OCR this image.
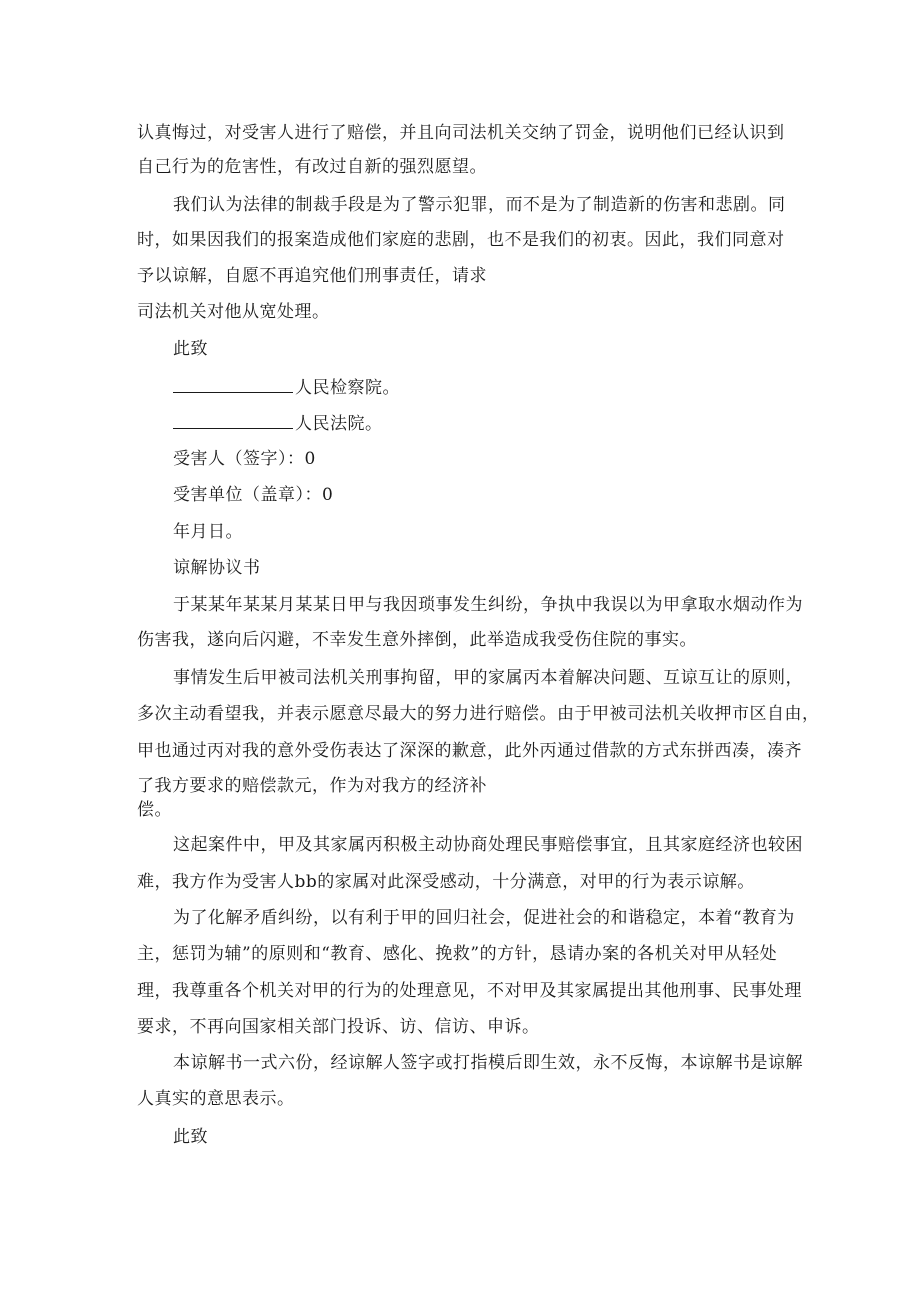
认真悔过，对受害人进行了赔偿，并且向司法机关交纳了罚金，说明他们已经认识到
自己行为的危害性，有改过自新的强烈愿望。
我们认为法律的制裁手段是为了警示犯罪，而不是为了制造新的伤害和悲剧。同
时，如果因我们的报案造成他们家庭的悲剧，也不是我们的初衷。因此，我们同意对
予以谅解，自愿不再追究他们刑事责任，请求
司法机关对他从宽处理。
此致
人民检察院。
人民法院。
受害人（签字）：0
受害单位（盖章）：0
年月日。
谅解协议书
于某某年某某月某某日甲与我因琐事发生纠纷，争执中我误以为甲拿取水烟动作为
伤害我，遂向后闪避，不幸发生意外摔倒，此举造成我受伤住院的事实。
事情发生后甲被司法机关刑事拘留，甲的家属丙本着解决问题、互谅互让的原则，
多次主动看望我，并表示愿意尽最大的努力进行赔偿。由于甲被司法机关收押市区自由，
甲也通过丙对我的意外受伤表达了深深的歉意，此外丙通过借款的方式东拼西凑，凑齐
了我方要求的赔偿款元，作为对我方的经济补
偿。
这起案件中，甲及其家属丙积极主动协商处理民事赔偿事宜，且其家庭经济也较困
难，我方作为受害人bb的家属对此深受感动，十分满意，对甲的行为表示谅解。
为了化解矛盾纠纷，以有利于甲的回归社会，促进社会的和谐稳定，本着“教育为
主，惩罚为辅”的原则和“教育、感化、挽救”的方针，恳请办案的各机关对甲从轻处
理，我尊重各个机关对甲的行为的处理意见，不对甲及其家属提出其他刑事、民事处理
要求，不再向国家相关部门投诉、访、信访、申诉。
本谅解书一式六份，经谅解人签字或打指模后即生效，永不反悔，本谅解书是谅解
人真实的意思表示。
此致
